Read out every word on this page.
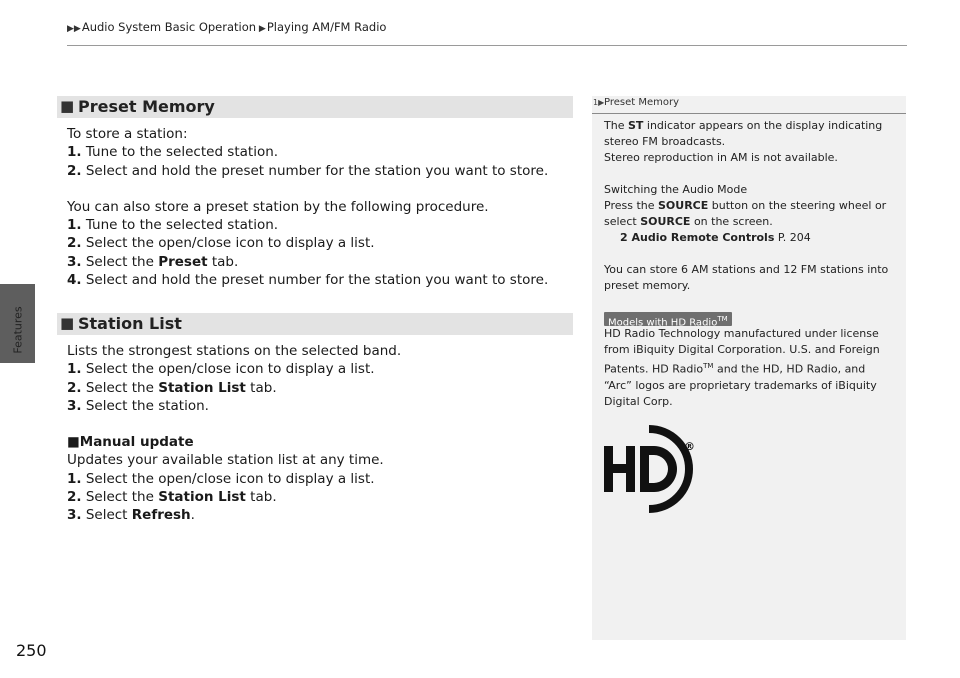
▶▶Audio System Basic Operation ▶Playing AM/FM Radio
Features
250
■ Preset Memory

To store a station:

1. Tune to the selected station.

2. Select and hold the preset number for the station you want to store.

You can also store a preset station by the following procedure.

1. Tune to the selected station.

2. Select the open/close icon to display a list.

3. Select the Preset tab.

4. Select and hold the preset number for the station you want to store.

■ Station List

Lists the strongest stations on the selected band.

1. Select the open/close icon to display a list.

2. Select the Station List tab.

3. Select the station.

■Manual update

Updates your available station list at any time.

1. Select the open/close icon to display a list.

2. Select the Station List tab.

3. Select Refresh.

1▶ Preset Memory

The ST indicator appears on the display indicating

stereo FM broadcasts.

Stereo reproduction in AM is not available.

Switching the Audio Mode

Press the SOURCE button on the steering wheel or

select SOURCE on the screen.

2 Audio Remote Controls P. 204

You can store 6 AM stations and 12 FM stations into

preset memory.

Models with HD Radio™

HD Radio Technology manufactured under license

from iBiquity Digital Corporation. U.S. and Foreign

Patents. HD Radio™ and the HD, HD Radio, and

“Arc” logos are proprietary trademarks of iBiquity

Digital Corp.

HD
®
